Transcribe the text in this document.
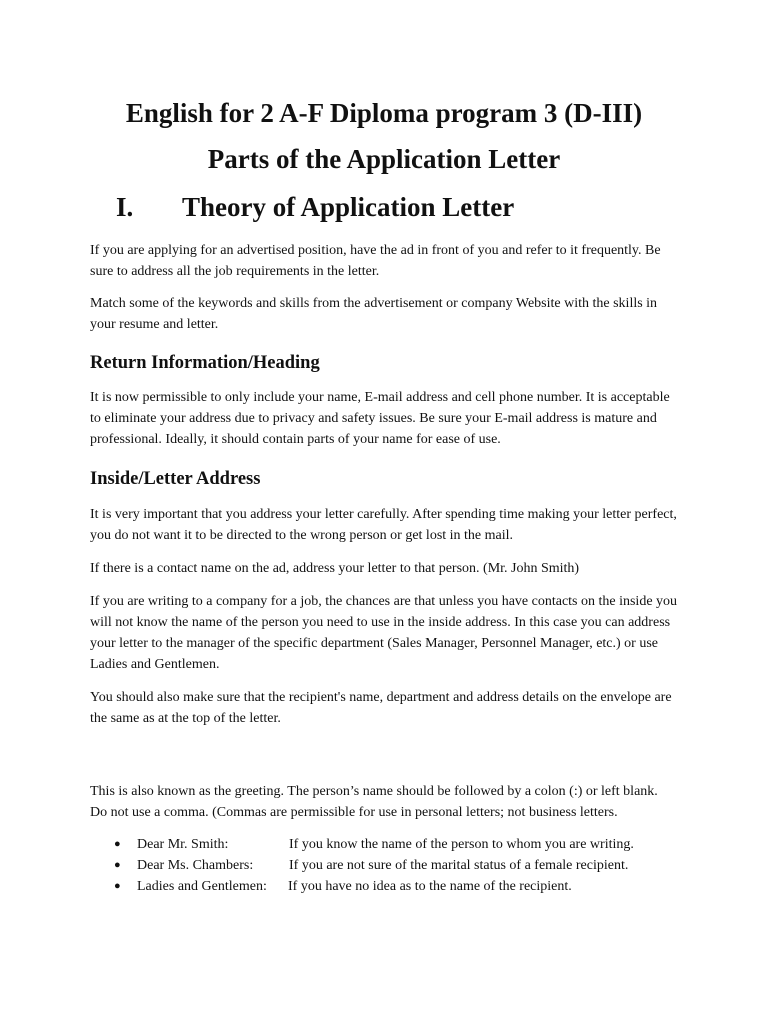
English for 2 A-F Diploma program 3 (D-III)
Parts of the Application Letter
I.	Theory of Application Letter

If you are applying for an advertised position, have the ad in front of you and refer to it frequently. Be sure to address all the job requirements in the letter.

Match some of the keywords and skills from the advertisement or company Website with the skills in your resume and letter.

Return Information/Heading

It is now permissible to only include your name, E-mail address and cell phone number. It is acceptable to eliminate your address due to privacy and safety issues. Be sure your E-mail address is mature and professional. Ideally, it should contain parts of your name for ease of use.

Inside/Letter Address

It is very important that you address your letter carefully. After spending time making your letter perfect, you do not want it to be directed to the wrong person or get lost in the mail.

If there is a contact name on the ad, address your letter to that person. (Mr. John Smith)

If you are writing to a company for a job, the chances are that unless you have contacts on the inside you will not know the name of the person you need to use in the inside address. In this case you can address your letter to the manager of the specific department (Sales Manager, Personnel Manager, etc.) or use Ladies and Gentlemen.

You should also make sure that the recipient's name, department and address details on the envelope are the same as at the top of the letter.

This is also known as the greeting. The person’s name should be followed by a colon (:) or left blank. Do not use a comma. (Commas are permissible for use in personal letters; not business letters.

●	Dear Mr. Smith:	If you know the name of the person to whom you are writing.
●	Dear Ms. Chambers:	If you are not sure of the marital status of a female recipient.
●	Ladies and Gentlemen:	If you have no idea as to the name of the recipient.
